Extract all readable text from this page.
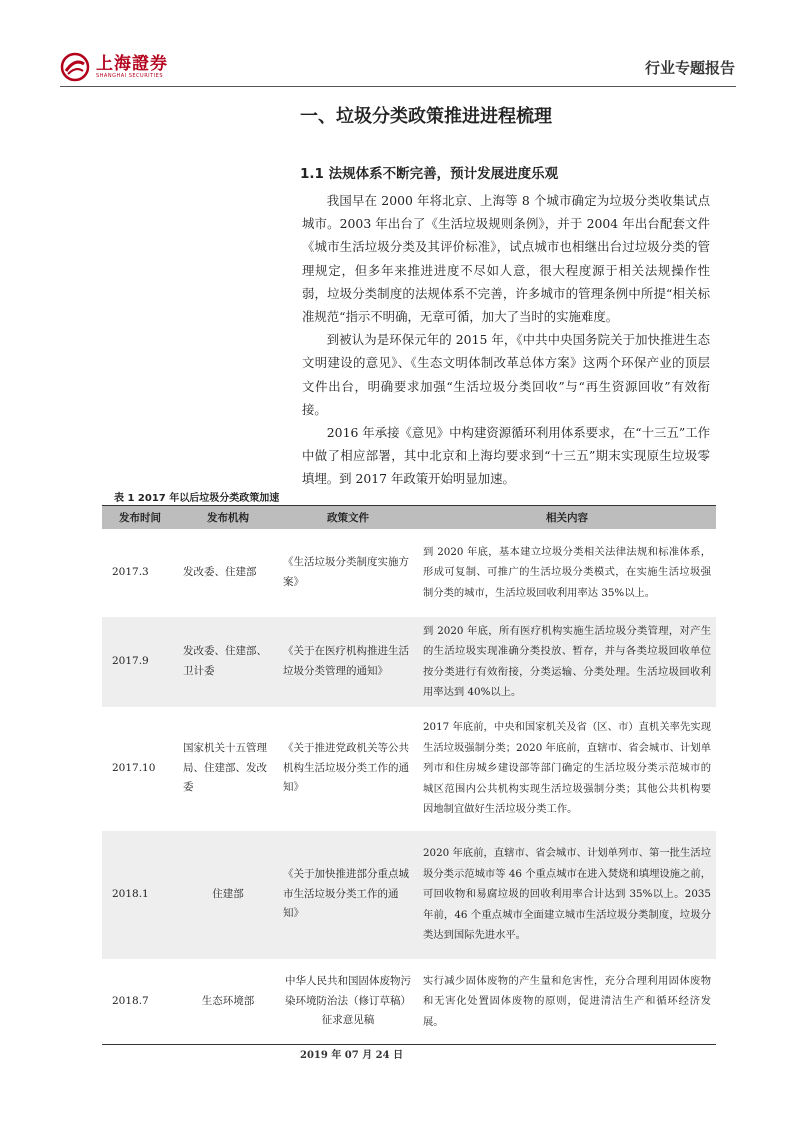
上海證券
SHANGHAI SECURITIES	行业专题报告
一、垃圾分类政策推进进程梳理
1.1 法规体系不断完善，预计发展进度乐观

我国早在 2000 年将北京、上海等 8 个城市确定为垃圾分类收集试点城市。2003 年出台了《生活垃圾规则条例》，并于 2004 年出台配套文件《城市生活垃圾分类及其评价标准》，试点城市也相继出台过垃圾分类的管理规定，但多年来推进进度不尽如人意，很大程度源于相关法规操作性弱，垃圾分类制度的法规体系不完善，许多城市的管理条例中所提“相关标准规范“指示不明确，无章可循，加大了当时的实施难度。

到被认为是环保元年的 2015 年，《中共中央国务院关于加快推进生态文明建设的意见》、《生态文明体制改革总体方案》这两个环保产业的顶层文件出台，明确要求加强“生活垃圾分类回收”与“再生资源回收”有效衔接。

2016 年承接《意见》中构建资源循环利用体系要求，在“十三五”工作中做了相应部署，其中北京和上海均要求到“十三五”期末实现原生垃圾零填埋。到 2017 年政策开始明显加速。

表 1 2017 年以后垃圾分类政策加速
发布时间	发布机构	政策文件	相关内容
2017.3	发改委、住建部	《生活垃圾分类制度实施方案》	到 2020 年底，基本建立垃圾分类相关法律法规和标准体系，形成可复制、可推广的生活垃圾分类模式，在实施生活垃圾强制分类的城市，生活垃圾回收利用率达 35%以上。
2017.9	发改委、住建部、卫计委	《关于在医疗机构推进生活垃圾分类管理的通知》	到 2020 年底，所有医疗机构实施生活垃圾分类管理，对产生的生活垃圾实现准确分类投放、暂存，并与各类垃圾回收单位按分类进行有效衔接，分类运输、分类处理。生活垃圾回收利用率达到 40%以上。
2017.10	国家机关十五管理局、住建部、发改委	《关于推进党政机关等公共机构生活垃圾分类工作的通知》	2017 年底前，中央和国家机关及省（区、市）直机关率先实现生活垃圾强制分类；2020 年底前，直辖市、省会城市、计划单列市和住房城乡建设部等部门确定的生活垃圾分类示范城市的城区范围内公共机构实现生活垃圾强制分类；其他公共机构要因地制宜做好生活垃圾分类工作。
2018.1	住建部	《关于加快推进部分重点城市生活垃圾分类工作的通知》	2020 年底前，直辖市、省会城市、计划单列市、第一批生活垃圾分类示范城市等 46 个重点城市在进入焚烧和填埋设施之前，可回收物和易腐垃圾的回收利用率合计达到 35%以上。2035 年前，46 个重点城市全面建立城市生活垃圾分类制度，垃圾分类达到国际先进水平。
2018.7	生态环境部	中华人民共和国固体废物污染环境防治法（修订草稿）征求意见稿	实行减少固体废物的产生量和危害性，充分合理利用固体废物和无害化处置固体废物的原则，促进清洁生产和循环经济发展。
2019 年 07 月 24 日
